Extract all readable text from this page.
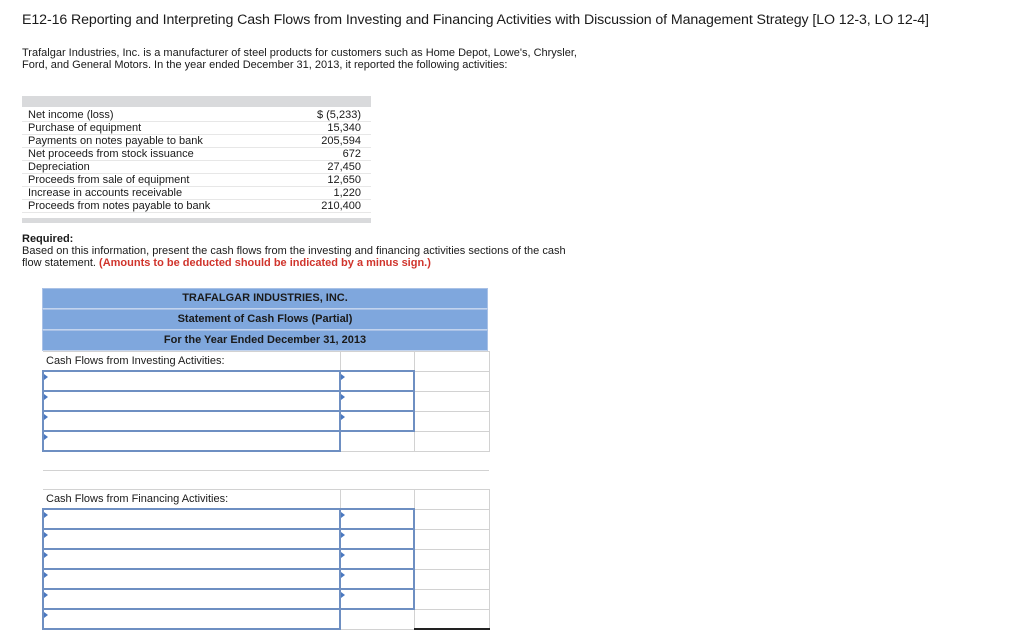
E12-16 Reporting and Interpreting Cash Flows from Investing and Financing Activities with Discussion of Management Strategy [LO 12-3, LO 12-4]
Trafalgar Industries, Inc. is a manufacturer of steel products for customers such as Home Depot, Lowe's, Chrysler, Ford, and General Motors. In the year ended December 31, 2013, it reported the following activities:
Net income (loss)	$ (5,233)
Purchase of equipment	15,340
Payments on notes payable to bank	205,594
Net proceeds from stock issuance	672
Depreciation	27,450
Proceeds from sale of equipment	12,650
Increase in accounts receivable	1,220
Proceeds from notes payable to bank	210,400
Required:
Based on this information, present the cash flows from the investing and financing activities sections of the cash flow statement. (Amounts to be deducted should be indicated by a minus sign.)
TRAFALGAR INDUSTRIES, INC.
Statement of Cash Flows (Partial)
For the Year Ended December 31, 2013
Cash Flows from Investing Activities:		

Cash Flows from Financing Activities:		
